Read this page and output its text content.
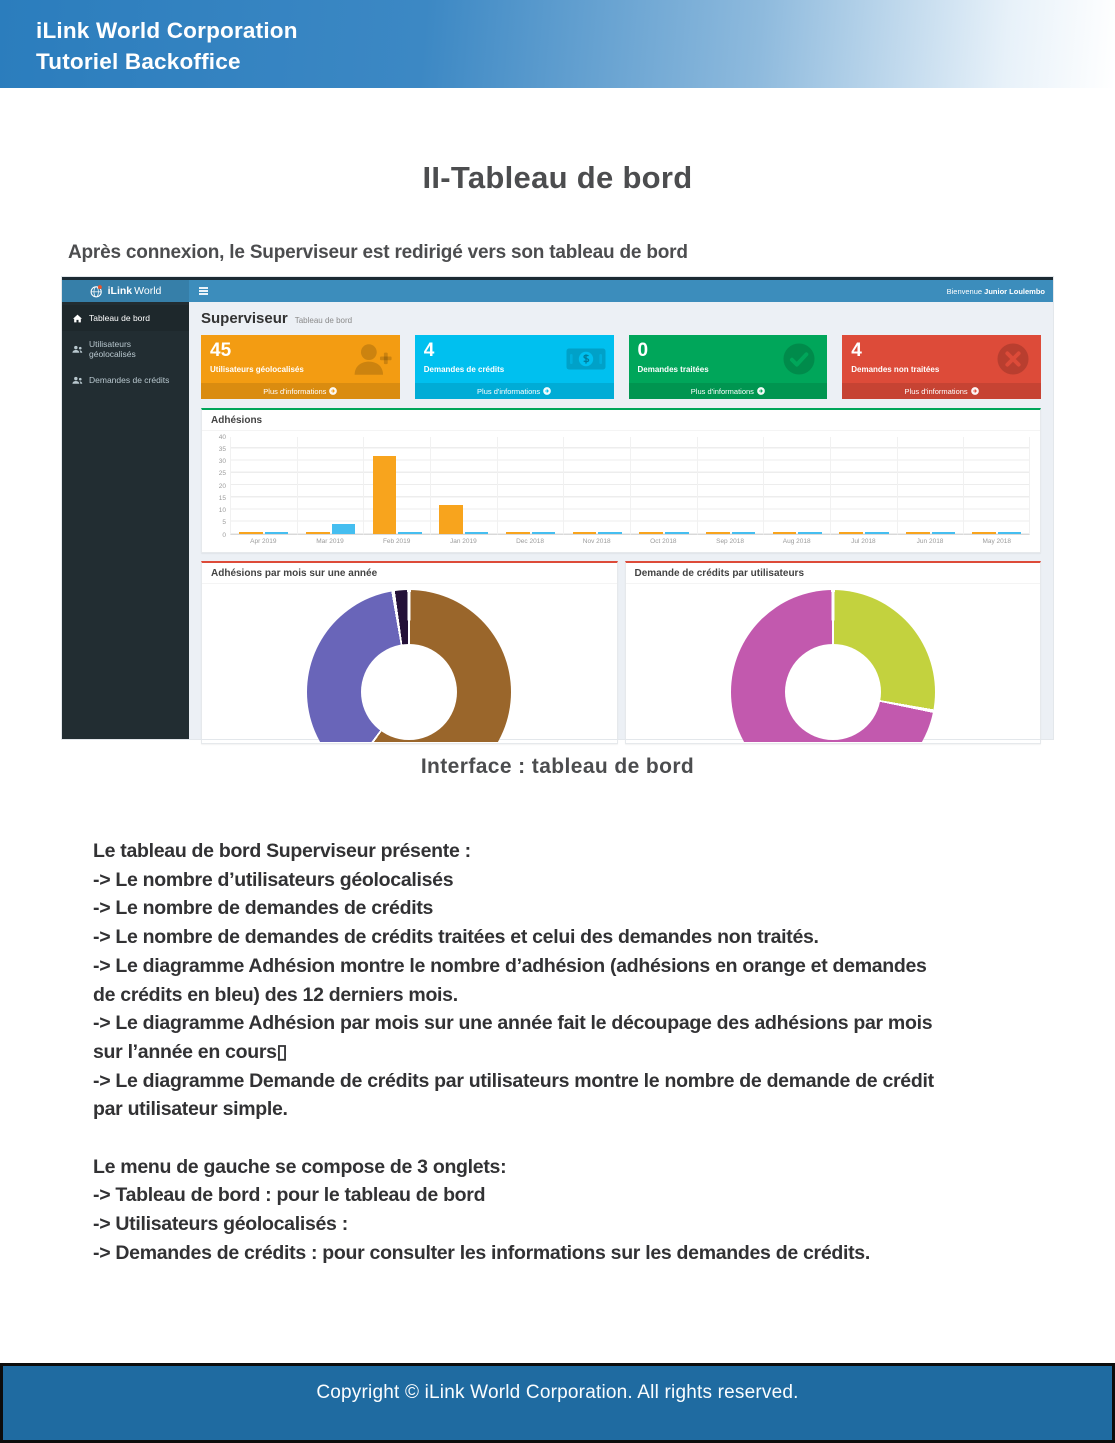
iLink World Corporation
Tutoriel Backoffice
II-Tableau de bord

Après connexion, le Superviseur est redirigé vers son tableau de bord

iLink World	Bienvenue Junior Loulembo
Tableau de bord
Utilisateurs géolocalisés
Demandes de crédits
Superviseur Tableau de bord
45
Utilisateurs géolocalisés
Plus d'informations
4
Demandes de crédits
Plus d'informations
0
Demandes traitées
Plus d'informations
4
Demandes non traitées
Plus d'informations
Adhésions
0
5
10
15
20
25
30
35
40
Apr 2019	Mar 2019	Feb 2019	Jan 2019	Dec 2018	Nov 2018	Oct 2018	Sep 2018	Aug 2018	Jul 2018	Jun 2018	May 2018
Adhésions par mois sur une année	Demande de crédits par utilisateurs
Interface : tableau de bord
Le tableau de bord Superviseur présente :
-> Le nombre d’utilisateurs géolocalisés
-> Le nombre de demandes de crédits
-> Le nombre de demandes de crédits traitées et celui des demandes non traités.
-> Le diagramme Adhésion montre le nombre d’adhésion (adhésions en orange et demandes
de crédits en bleu) des 12 derniers mois.
-> Le diagramme Adhésion par mois sur une année fait le découpage des adhésions par mois
sur l’année en cours▯
-> Le diagramme Demande de crédits par utilisateurs montre le nombre de demande de crédit
par utilisateur simple.
Le menu de gauche se compose de 3 onglets:
-> Tableau de bord : pour le tableau de bord
-> Utilisateurs géolocalisés :
-> Demandes de crédits : pour consulter les informations sur les demandes de crédits.
Copyright © iLink World Corporation. All rights reserved.
